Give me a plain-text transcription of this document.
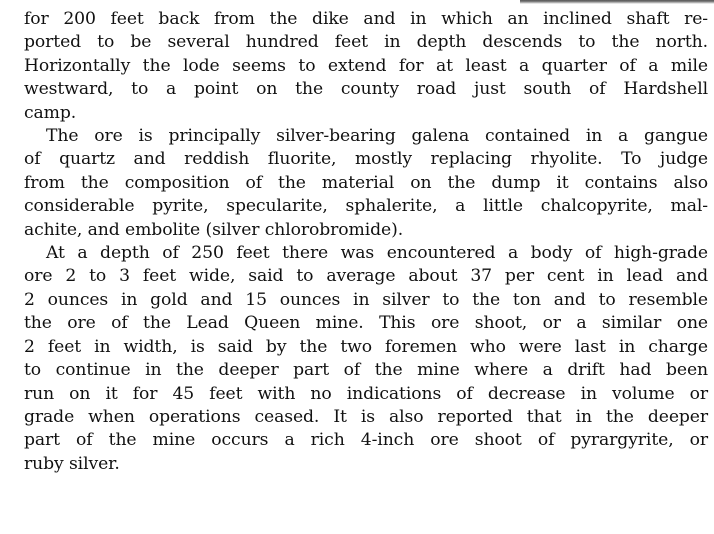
for 200 feet back from the dike and in which an inclined shaft re-
ported to be several hundred feet in depth descends to the north.
Horizontally the lode seems to extend for at least a quarter of a mile
westward, to a point on the county road just south of Hardshell
camp.
The ore is principally silver-bearing galena contained in a gangue
of quartz and reddish fluorite, mostly replacing rhyolite. To judge
from the composition of the material on the dump it contains also
considerable pyrite, specularite, sphalerite, a little chalcopyrite, mal-
achite, and embolite (silver chlorobromide).
At a depth of 250 feet there was encountered a body of high-grade
ore 2 to 3 feet wide, said to average about 37 per cent in lead and
2 ounces in gold and 15 ounces in silver to the ton and to resemble
the ore of the Lead Queen mine. This ore shoot, or a similar one
2 feet in width, is said by the two foremen who were last in charge
to continue in the deeper part of the mine where a drift had been
run on it for 45 feet with no indications of decrease in volume or
grade when operations ceased. It is also reported that in the deeper
part of the mine occurs a rich 4-inch ore shoot of pyrargyrite, or
ruby silver.
